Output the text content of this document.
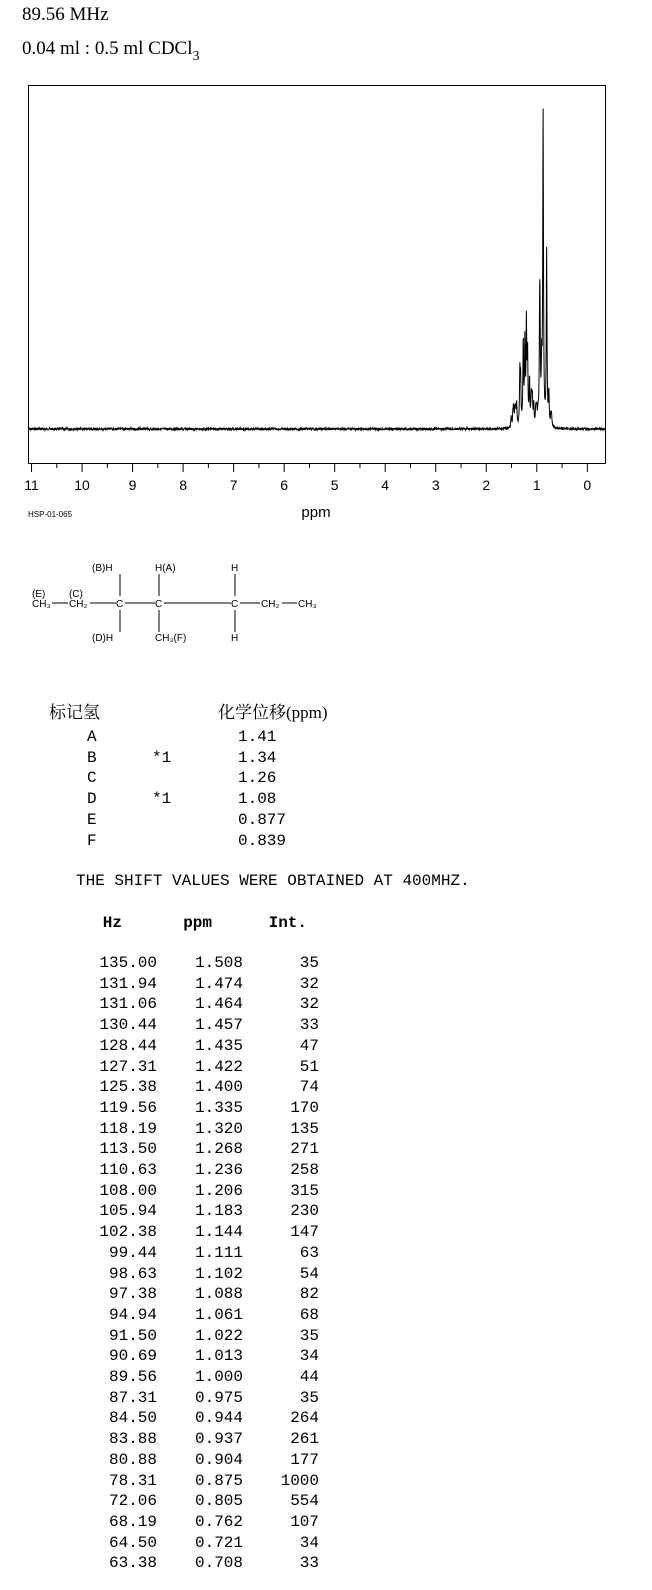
89.56 MHz
0.04 ml : 0.5 ml CDCl$_3$
11	10	9	8	7	6	5	4	3	2	1	0
HSP-01-065	ppm
(B)H	H(A)	H
(E) (C)
CH₃ CH₂	C	C	C CH₂ CH₃
(D)H	CH₃(F)	H
标记氢	化学位移(ppm)
A	1.41
B	*1	1.34
C	1.26
D	*1	1.08
E	0.877
F	0.839
THE SHIFT VALUES WERE OBTAINED AT 400MHZ.
Hz	ppm	Int.
135.00	1.508	35
131.94	1.474	32
131.06	1.464	32
130.44	1.457	33
128.44	1.435	47
127.31	1.422	51
125.38	1.400	74
119.56	1.335	170
118.19	1.320	135
113.50	1.268	271
110.63	1.236	258
108.00	1.206	315
105.94	1.183	230
102.38	1.144	147
99.44	1.111	63
98.63	1.102	54
97.38	1.088	82
94.94	1.061	68
91.50	1.022	35
90.69	1.013	34
89.56	1.000	44
87.31	0.975	35
84.50	0.944	264
83.88	0.937	261
80.88	0.904	177
78.31	0.875	1000
72.06	0.805	554
68.19	0.762	107
64.50	0.721	34
63.38	0.708	33
